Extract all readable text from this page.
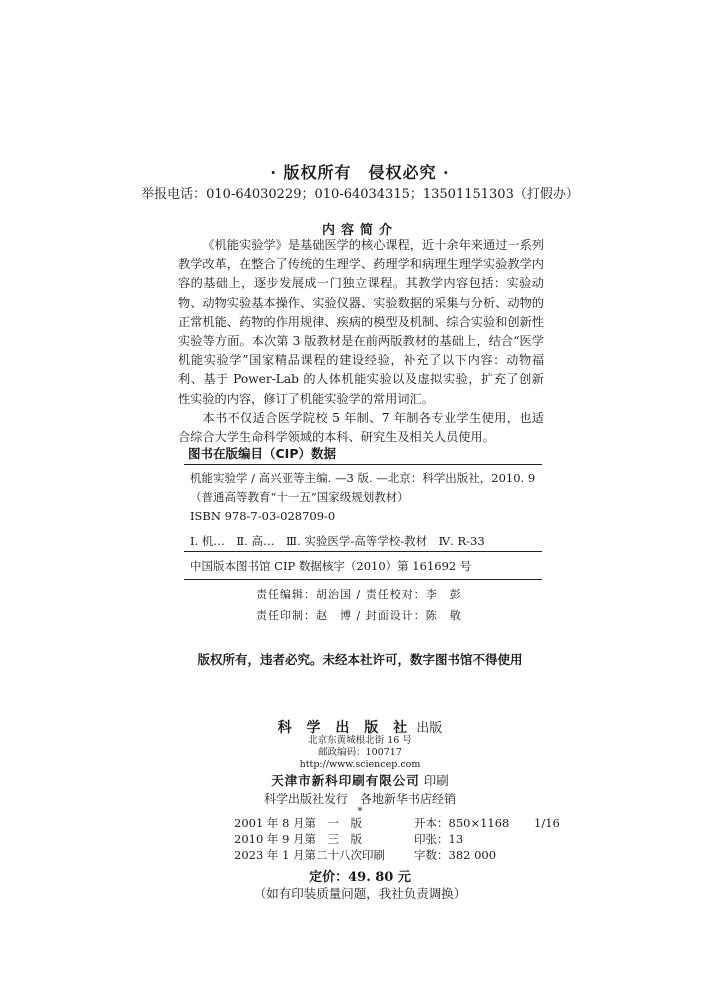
· 版权所有　侵权必究 ·
举报电话：010-64030229；010-64034315；13501151303（打假办）
内容简介

《机能实验学》是基础医学的核心课程，近十余年来通过一系列教学改革，在整合了传统的生理学、药理学和病理生理学实验教学内容的基础上，逐步发展成一门独立课程。其教学内容包括：实验动物、动物实验基本操作、实验仪器、实验数据的采集与分析、动物的正常机能、药物的作用规律、疾病的模型及机制、综合实验和创新性实验等方面。本次第 3 版教材是在前两版教材的基础上，结合“医学机能实验学”国家精品课程的建设经验，补充了以下内容：动物福利、基于 Power-Lab 的人体机能实验以及虚拟实验，扩充了创新性实验的内容，修订了机能实验学的常用词汇。

本书不仅适合医学院校 5 年制、7 年制各专业学生使用，也适合综合大学生命科学领域的本科、研究生及相关人员使用。

图书在版编目（CIP）数据
机能实验学 / 高兴亚等主编. —3 版. —北京：科学出版社，2010. 9
（普通高等教育“十一五”国家级规划教材）
ISBN 978-7-03-028709-0
Ⅰ. 机…　Ⅱ. 高…　Ⅲ. 实验医学-高等学校-教材　Ⅳ. R-33
中国版本图书馆 CIP 数据核字（2010）第 161692 号
责任编辑：胡治国 / 责任校对：李　彭
责任印制：赵　博 / 封面设计：陈　敬
版权所有，违者必究。未经本社许可，数字图书馆不得使用
科 学 出 版 社 出版
北京东黄城根北街 16 号
邮政编码：100717
http://www.sciencep.com
天津市新科印刷有限公司 印刷
科学出版社发行　各地新华书店经销
*
2001 年 8 月第　一　版	开本：850×1168	1/16
2010 年 9 月第　三　版	印张：13
2023 年 1 月第二十八次印刷	字数：382 000
定价：49. 80 元
（如有印装质量问题，我社负责调换）
